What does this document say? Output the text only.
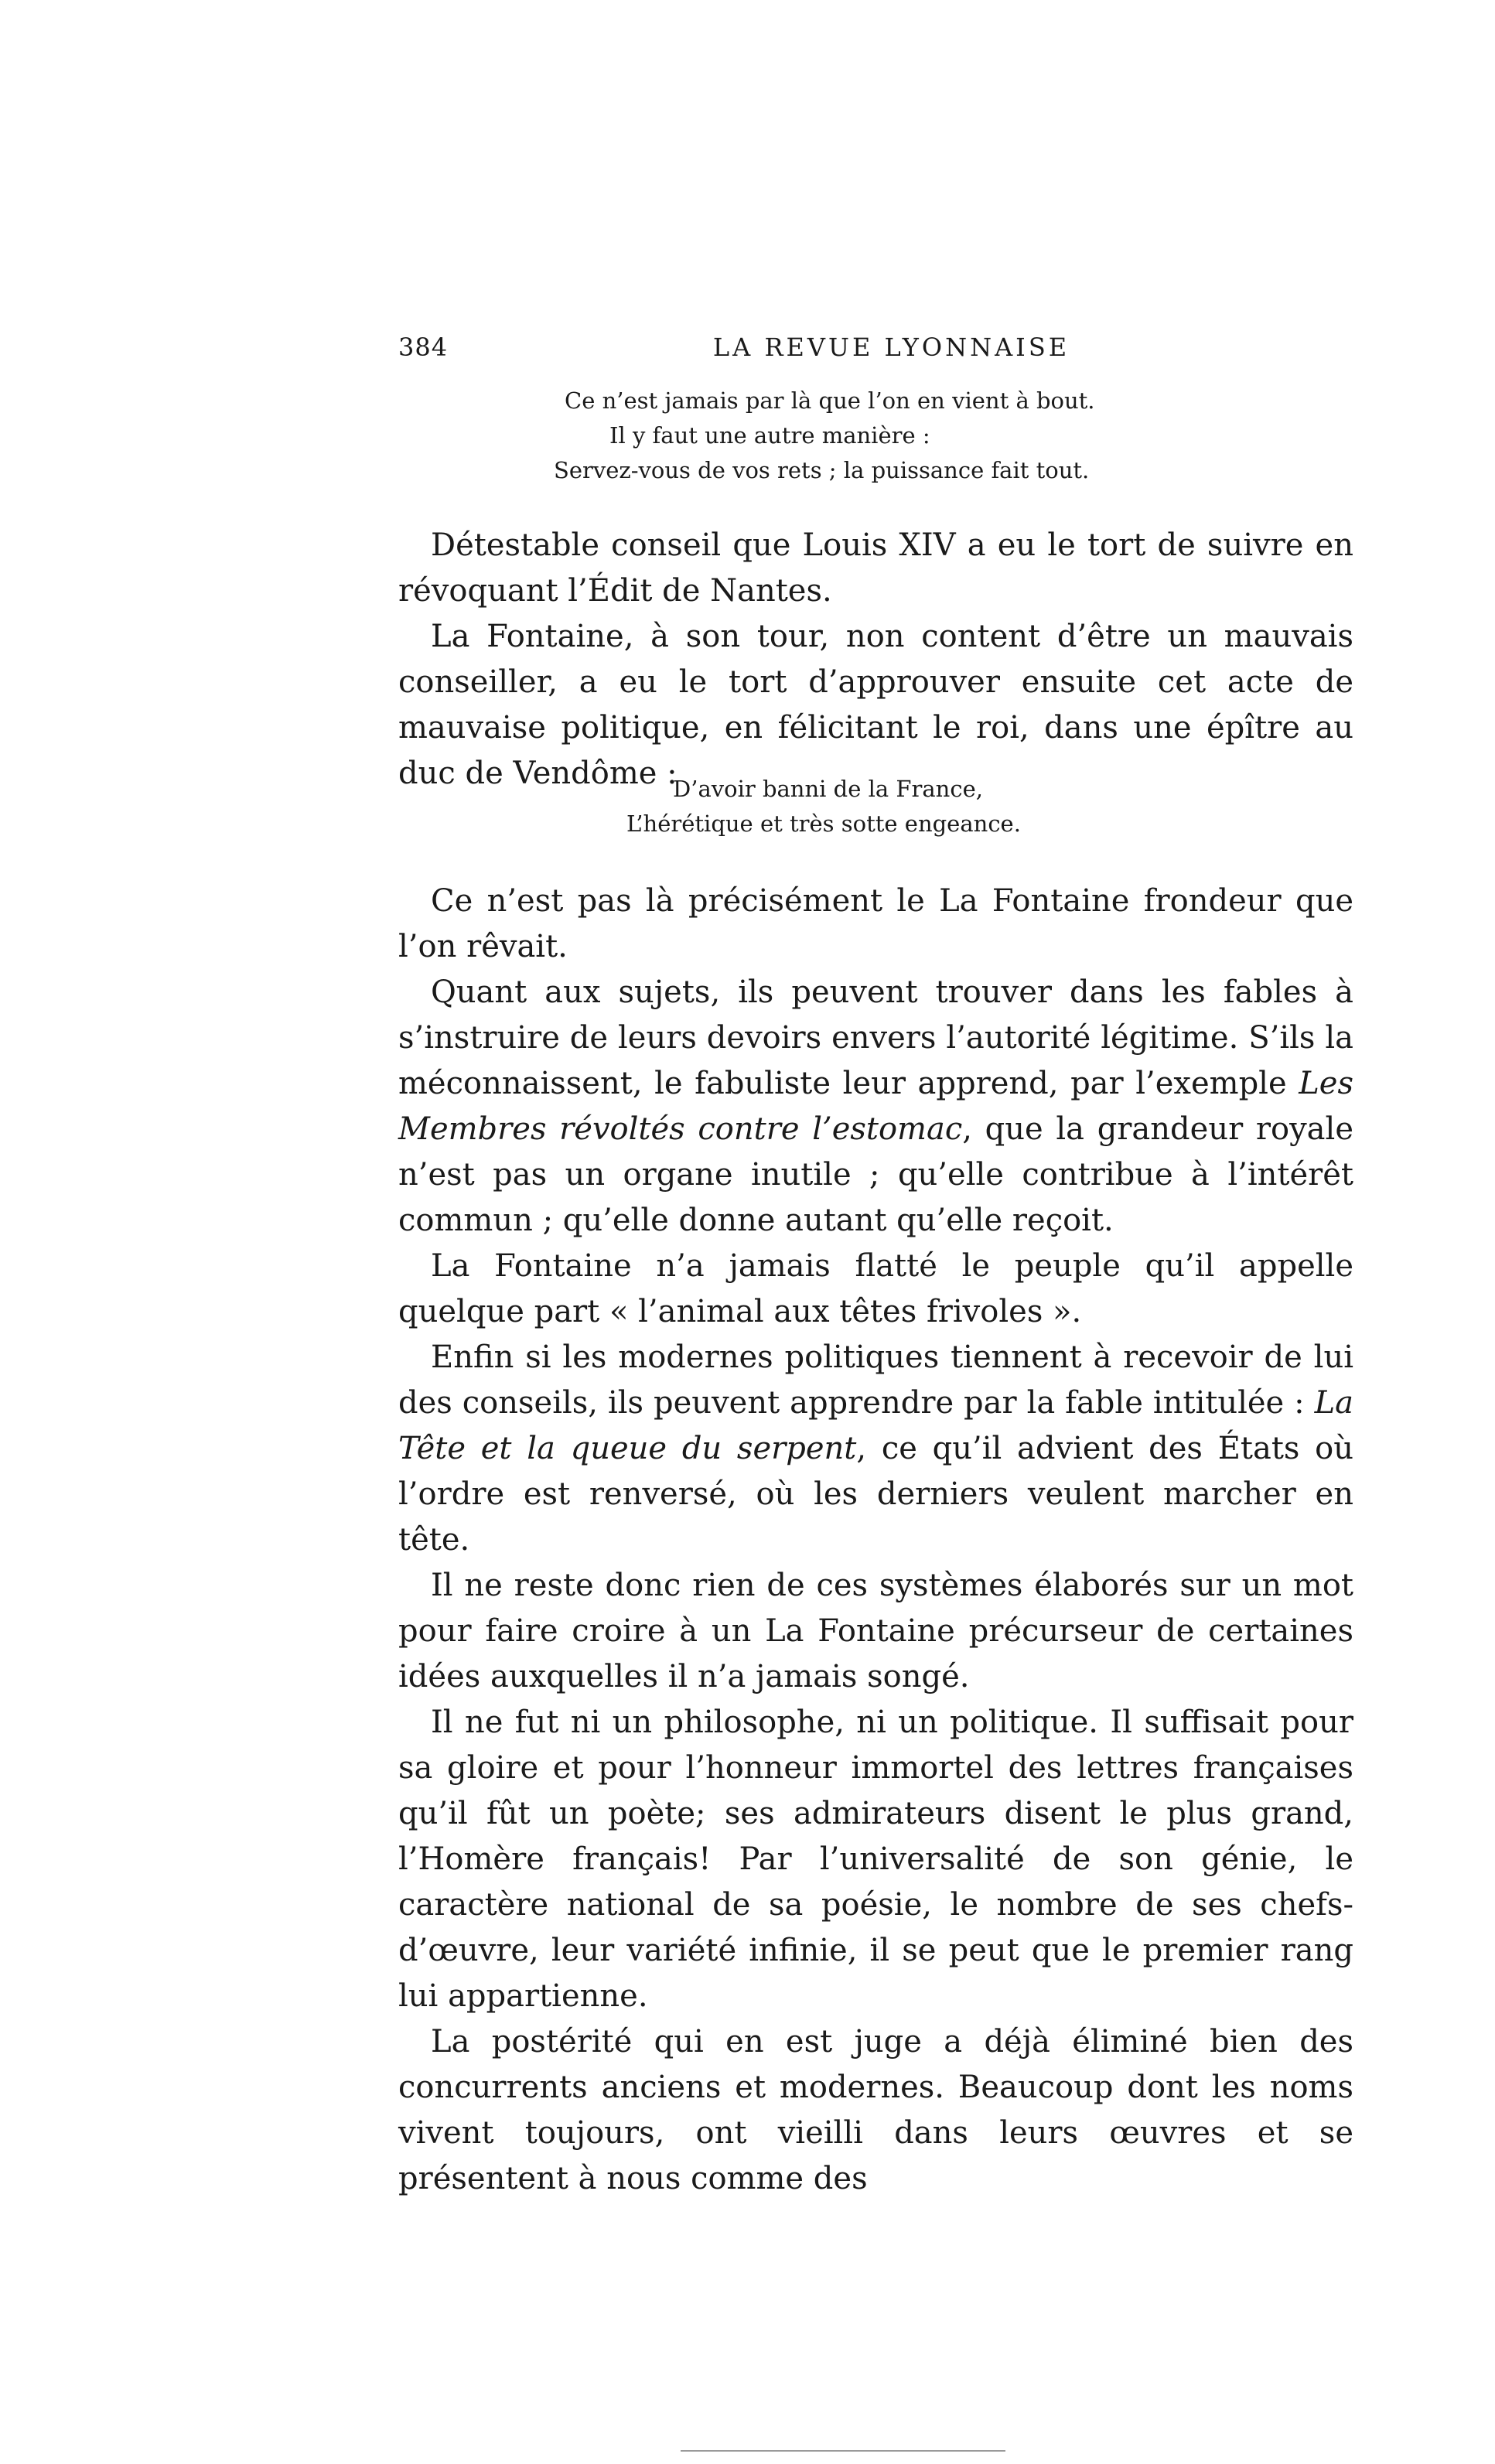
384	LA REVUE LYONNAISE
Ce n’est jamais par là que l’on en vient à bout.
Il y faut une autre manière :
Servez-vous de vos rets ; la puissance fait tout.

Détestable conseil que Louis XIV a eu le tort de suivre en révoquant l’Édit de Nantes.

La Fontaine, à son tour, non content d’être un mauvais conseiller, a eu le tort d’approuver ensuite cet acte de mauvaise politique, en félicitant le roi, dans une épître au duc de Vendôme :

D’avoir banni de la France,
L’hérétique et très sotte engeance.

Ce n’est pas là précisément le La Fontaine frondeur que l’on rêvait.

Quant aux sujets, ils peuvent trouver dans les fables à s’instruire de leurs devoirs envers l’autorité légitime. S’ils la méconnaissent, le fabuliste leur apprend, par l’exemple Les Membres révoltés contre l’estomac, que la grandeur royale n’est pas un organe inutile ; qu’elle contribue à l’intérêt commun ; qu’elle donne autant qu’elle reçoit.

La Fontaine n’a jamais flatté le peuple qu’il appelle quelque part « l’animal aux têtes frivoles ».

Enfin si les modernes politiques tiennent à recevoir de lui des conseils, ils peuvent apprendre par la fable intitulée : La Tête et la queue du serpent, ce qu’il advient des États où l’ordre est renversé, où les derniers veulent marcher en tête.

Il ne reste donc rien de ces systèmes élaborés sur un mot pour faire croire à un La Fontaine précurseur de certaines idées auxquelles il n’a jamais songé.

Il ne fut ni un philosophe, ni un politique. Il suffisait pour sa gloire et pour l’honneur immortel des lettres françaises qu’il fût un poète; ses admirateurs disent le plus grand, l’Homère français! Par l’universalité de son génie, le caractère national de sa poésie, le nombre de ses chefs-d’œuvre, leur variété infinie, il se peut que le premier rang lui appartienne.

La postérité qui en est juge a déjà éliminé bien des concurrents anciens et modernes. Beaucoup dont les noms vivent toujours, ont vieilli dans leurs œuvres et se présentent à nous comme des
